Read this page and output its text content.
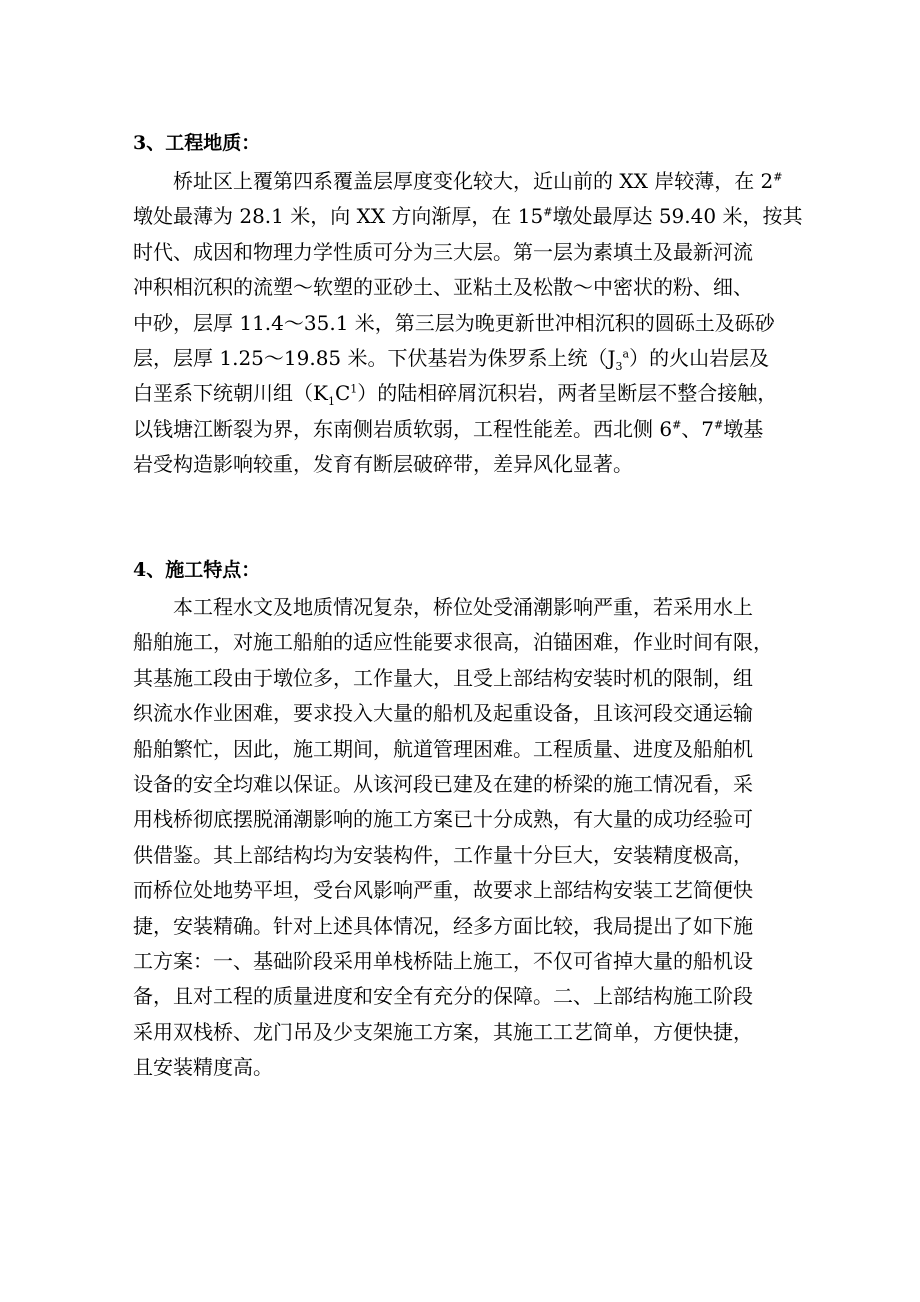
3、工程地质：
桥址区上覆第四系覆盖层厚度变化较大，近山前的 XX 岸较薄，在 2#
墩处最薄为 28.1 米，向 XX 方向渐厚，在 15#墩处最厚达 59.40 米，按其
时代、成因和物理力学性质可分为三大层。第一层为素填土及最新河流
冲积相沉积的流塑～软塑的亚砂土、亚粘土及松散～中密状的粉、细、
中砂，层厚 11.4～35.1 米，第三层为晚更新世冲相沉积的圆砾土及砾砂
层，层厚 1.25～19.85 米。下伏基岩为侏罗系上统$(J_3^a)$的火山岩层及
白垩系下统朝川组$(K_1C^1)$的陆相碎屑沉积岩，两者呈断层不整合接触，
以钱塘江断裂为界，东南侧岩质软弱，工程性能差。西北侧 6#、7#墩基
岩受构造影响较重，发育有断层破碎带，差异风化显著。
4、施工特点：
本工程水文及地质情况复杂，桥位处受涌潮影响严重，若采用水上
船舶施工，对施工船舶的适应性能要求很高，泊锚困难，作业时间有限，
其基施工段由于墩位多，工作量大，且受上部结构安装时机的限制，组
织流水作业困难，要求投入大量的船机及起重设备，且该河段交通运输
船舶繁忙，因此，施工期间，航道管理困难。工程质量、进度及船舶机
设备的安全均难以保证。从该河段已建及在建的桥梁的施工情况看，采
用栈桥彻底摆脱涌潮影响的施工方案已十分成熟，有大量的成功经验可
供借鉴。其上部结构均为安装构件，工作量十分巨大，安装精度极高，
而桥位处地势平坦，受台风影响严重，故要求上部结构安装工艺简便快
捷，安装精确。针对上述具体情况，经多方面比较，我局提出了如下施
工方案：一、基础阶段采用单栈桥陆上施工，不仅可省掉大量的船机设
备，且对工程的质量进度和安全有充分的保障。二、上部结构施工阶段
采用双栈桥、龙门吊及少支架施工方案，其施工工艺简单，方便快捷，
且安装精度高。
